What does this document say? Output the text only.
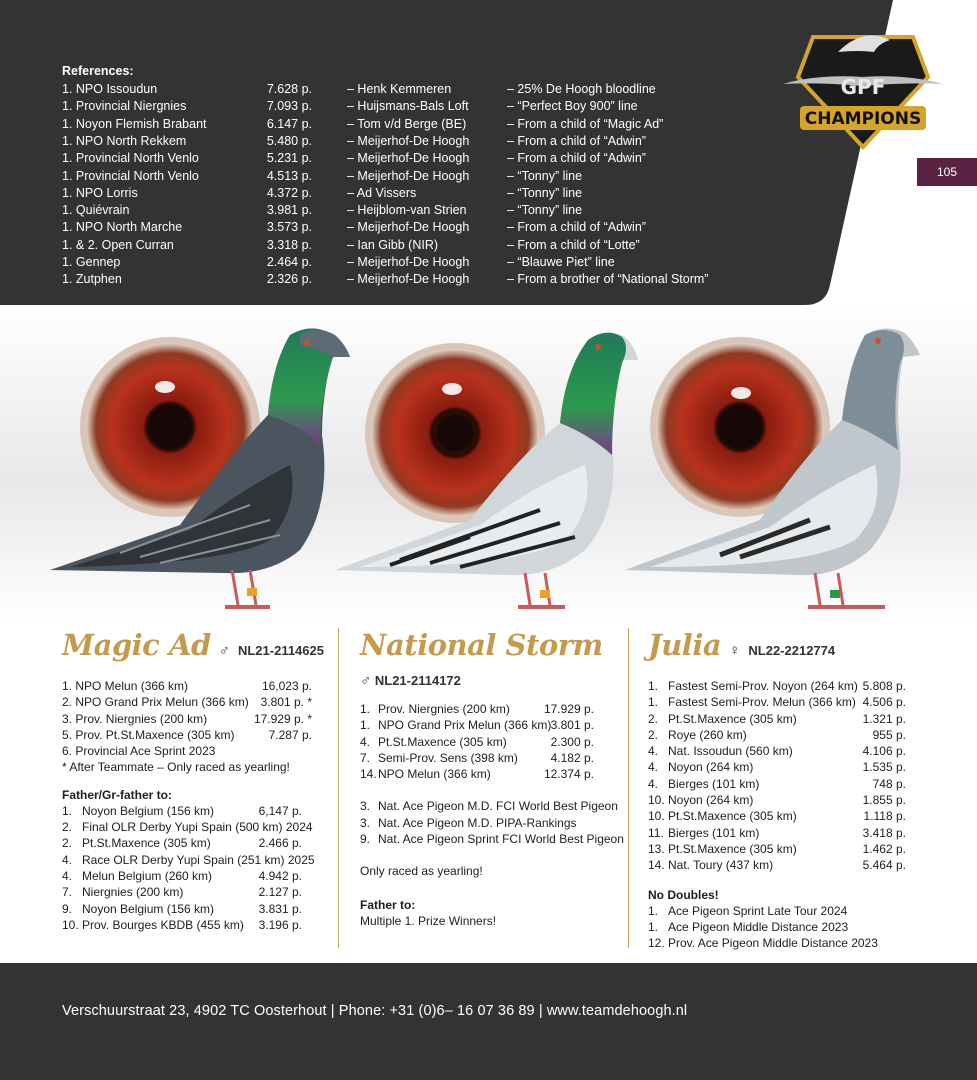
References:
1. NPO Issoudun	7.628 p.	– Henk Kemmeren	– 25% De Hoogh bloodline
1. Provincial Niergnies	7.093 p.	– Huijsmans-Bals Loft	– “Perfect Boy 900” line
1. Noyon Flemish Brabant	6.147 p.	– Tom v/d Berge (BE)	– From a child of “Magic Ad”
1. NPO North Rekkem	5.480 p.	– Meijerhof-De Hoogh	– From a child of “Adwin”
1. Provincial North Venlo	5.231 p.	– Meijerhof-De Hoogh	– From a child of “Adwin”
1. Provincial North Venlo	4.513 p.	– Meijerhof-De Hoogh	– “Tonny” line
1. NPO Lorris	4.372 p.	– Ad Vissers	– “Tonny” line
1. Quiévrain	3.981 p.	– Heijblom-van Strien	– “Tonny” line
1. NPO North Marche	3.573 p.	– Meijerhof-De Hoogh	– From a child of “Adwin”
1. & 2. Open Curran	3.318 p.	– Ian Gibb (NIR)	– From a child of “Lotte”
1. Gennep	2.464 p.	– Meijerhof-De Hoogh	– “Blauwe Piet” line
1. Zutphen	2.326 p.	– Meijerhof-De Hoogh	– From a brother of “National Storm”
GPF
CHAMPIONS
105
Magic Ad ♂ NL21-2114625
1. NPO Melun (366 km)	16,023 p.
2. NPO Grand Prix Melun (366 km) 3.801 p. *
3. Prov. Niergnies (200 km)	17.929 p. *
5. Prov. Pt.St.Maxence (305 km)	7.287 p.
6. Provincial Ace Sprint 2023
* After Teammate – Only raced as yearling!
Father/Gr-father to:
1. Noyon Belgium (156 km)	6,147 p.
2. Final OLR Derby Yupi Spain (500 km) 2024
2. Pt.St.Maxence (305 km)	2.466 p.
4. Race OLR Derby Yupi Spain (251 km) 2025
4. Melun Belgium (260 km)	4.942 p.
7. Niergnies (200 km)	2.127 p.
9. Noyon Belgium (156 km)	3.831 p.
10. Prov. Bourges KBDB (455 km)	3.196 p.
National Storm
♂ NL21-2114172
1. Prov. Niergnies (200 km)	17.929 p.
1. NPO Grand Prix Melun (366 km) 3.801 p.
4. Pt.St.Maxence (305 km)	2.300 p.
7. Semi-Prov. Sens (398 km)	4.182 p.
14. NPO Melun (366 km)	12.374 p.
3. Nat. Ace Pigeon M.D. FCI World Best Pigeon
3. Nat. Ace Pigeon M.D. PIPA-Rankings
9. Nat. Ace Pigeon Sprint FCI World Best Pigeon
Only raced as yearling!
Father to:
Multiple 1. Prize Winners!
Julia ♀ NL22-2212774
1. Fastest Semi-Prov. Noyon (264 km) 5.808 p.
1. Fastest Semi-Prov. Melun (366 km) 4.506 p.
2. Pt.St.Maxence (305 km)	1.321 p.
2. Roye (260 km)	955 p.
4. Nat. Issoudun (560 km)	4.106 p.
4. Noyon (264 km)	1.535 p.
4. Bierges (101 km)	748 p.
10. Noyon (264 km)	1.855 p.
10. Pt.St.Maxence (305 km)	1.118 p.
11. Bierges (101 km)	3.418 p.
13. Pt.St.Maxence (305 km)	1.462 p.
14. Nat. Toury (437 km)	5.464 p.
No Doubles!
1. Ace Pigeon Sprint Late Tour 2024
1. Ace Pigeon Middle Distance 2023
12. Prov. Ace Pigeon Middle Distance 2023
Verschuurstraat 23, 4902 TC Oosterhout | Phone: +31 (0)6– 16 07 36 89 | www.teamdehoogh.nl
